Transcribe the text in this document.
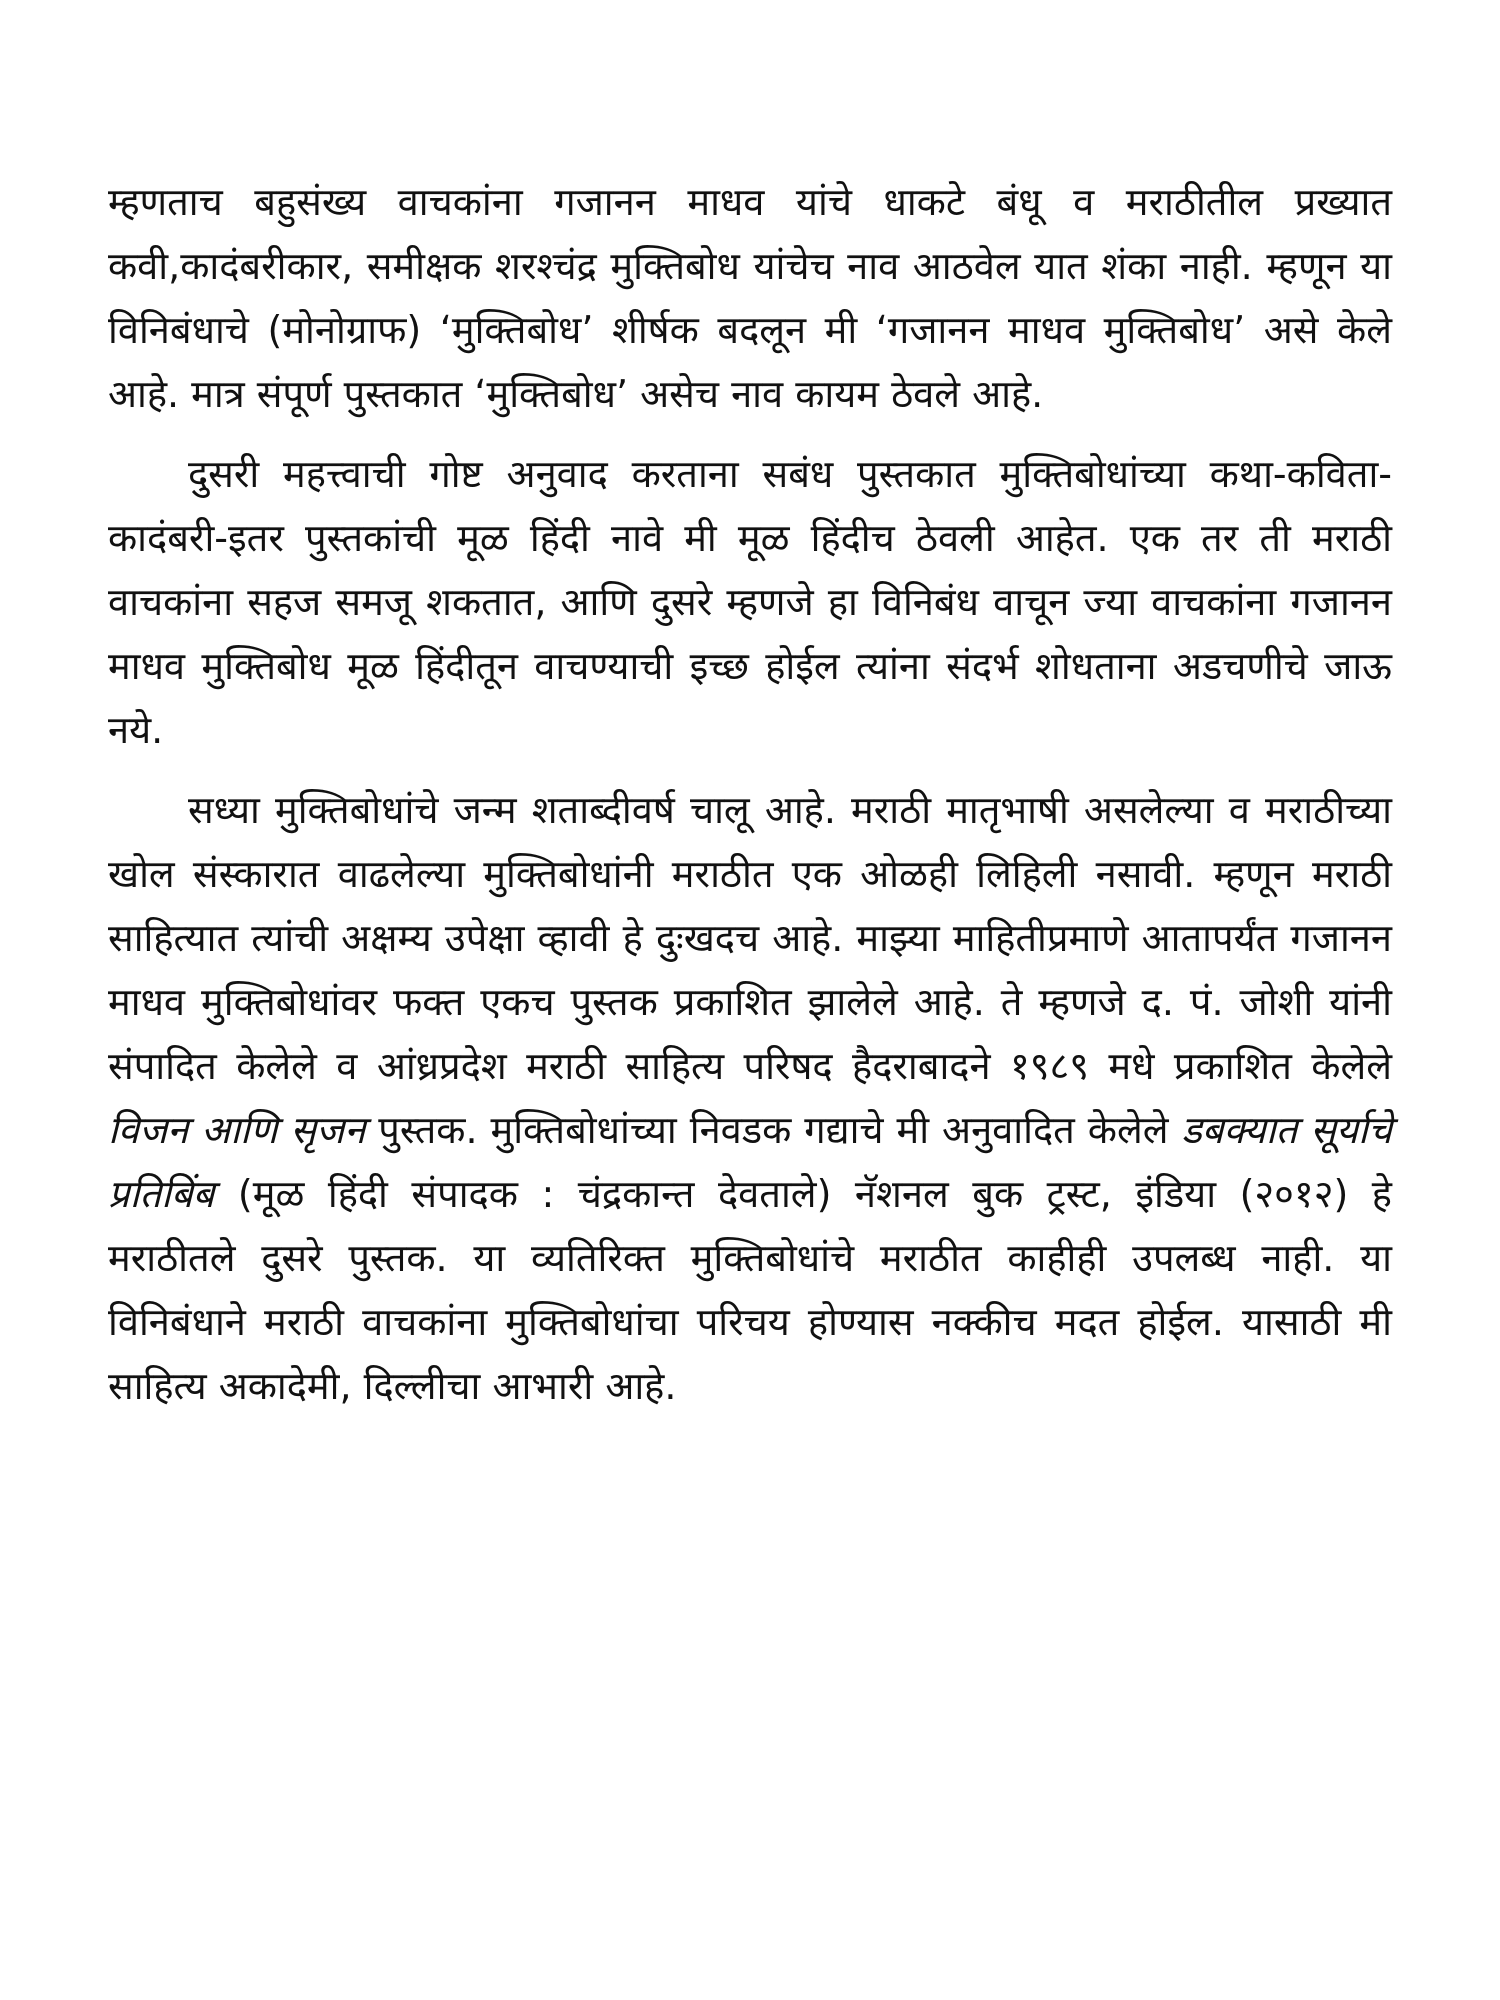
म्हणताच बहुसंख्य वाचकांना गजानन माधव यांचे धाकटे बंधू व मराठीतील प्रख्यात कवी,कादंबरीकार, समीक्षक शरश्चंद्र मुक्तिबोध यांचेच नाव आठवेल यात शंका नाही. म्हणून या विनिबंधाचे (मोनोग्राफ) ‘मुक्तिबोध’ शीर्षक बदलून मी ‘गजानन माधव मुक्तिबोध’ असे केले आहे. मात्र संपूर्ण पुस्तकात ‘मुक्तिबोध’ असेच नाव कायम ठेवले आहे.

दुसरी महत्त्वाची गोष्ट अनुवाद करताना सबंध पुस्तकात मुक्तिबोधांच्या कथा-कविता-कादंबरी-इतर पुस्तकांची मूळ हिंदी नावे मी मूळ हिंदीच ठेवली आहेत. एक तर ती मराठी वाचकांना सहज समजू शकतात, आणि दुसरे म्हणजे हा विनिबंध वाचून ज्या वाचकांना गजानन माधव मुक्तिबोध मूळ हिंदीतून वाचण्याची इच्छ होईल त्यांना संदर्भ शोधताना अडचणीचे जाऊ नये.

सध्या मुक्तिबोधांचे जन्म शताब्दीवर्ष चालू आहे. मराठी मातृभाषी असलेल्या व मराठीच्या खोल संस्कारात वाढलेल्या मुक्तिबोधांनी मराठीत एक ओळही लिहिली नसावी. म्हणून मराठी साहित्यात त्यांची अक्षम्य उपेक्षा व्हावी हे दुःखदच आहे. माझ्या माहितीप्रमाणे आतापर्यंत गजानन माधव मुक्तिबोधांवर फक्त एकच पुस्तक प्रकाशित झालेले आहे. ते म्हणजे द. पं. जोशी यांनी संपादित केलेले व आंध्रप्रदेश मराठी साहित्य परिषद हैदराबादने १९८९ मधे प्रकाशित केलेले विजन आणि सृजन पुस्तक. मुक्तिबोधांच्या निवडक गद्याचे मी अनुवादित केलेले डबक्यात सूर्याचे प्रतिबिंब (मूळ हिंदी संपादक : चंद्रकान्त देवताले) नॅशनल बुक ट्रस्ट, इंडिया (२०१२) हे मराठीतले दुसरे पुस्तक. या व्यतिरिक्त मुक्तिबोधांचे मराठीत काहीही उपलब्ध नाही. या विनिबंधाने मराठी वाचकांना मुक्तिबोधांचा परिचय होण्यास नक्कीच मदत होईल. यासाठी मी साहित्य अकादेमी, दिल्लीचा आभारी आहे.
